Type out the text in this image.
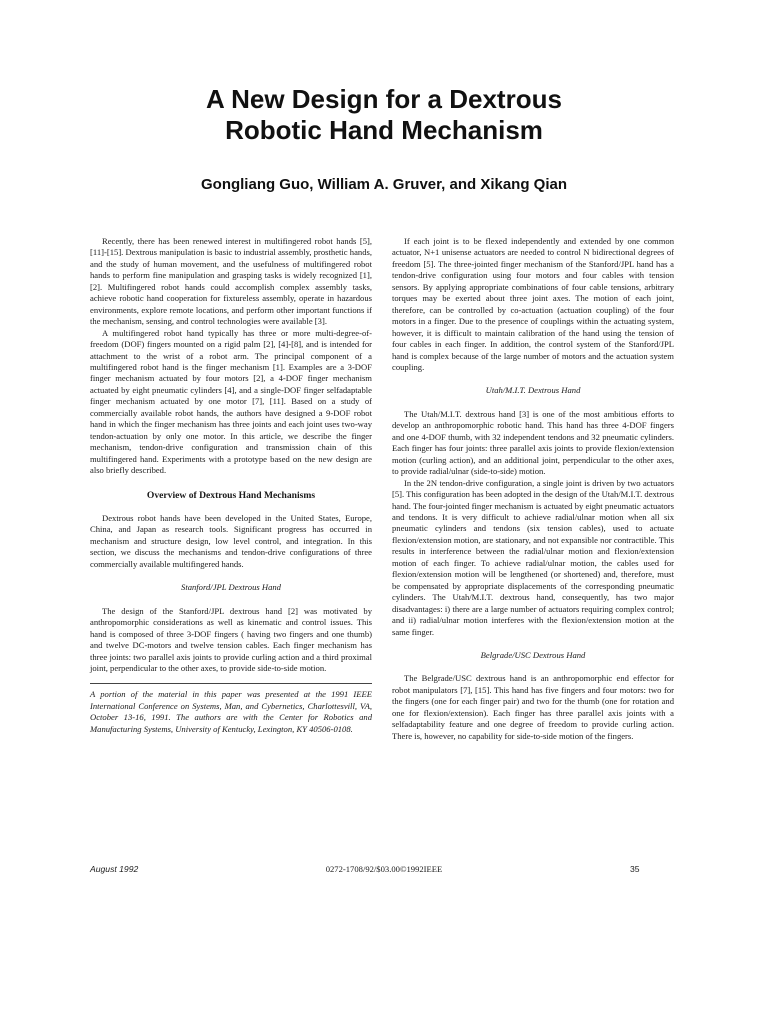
A New Design for a Dextrous
Robotic Hand Mechanism
Gongliang Guo, William A. Gruver, and Xikang Qian

Recently, there has been renewed interest in multifingered robot hands [5], [11]-[15]. Dextrous manipulation is basic to industrial assembly, prosthetic hands, and the study of human movement, and the usefulness of multifingered robot hands to perform fine manipulation and grasping tasks is widely recognized [1], [2]. Multifingered robot hands could accomplish complex assembly tasks, achieve robotic hand cooperation for fixtureless assembly, operate in hazardous environments, explore remote locations, and perform other important functions if the mechanism, sensing, and control technologies were available [3].

A multifingered robot hand typically has three or more multi-degree-of-freedom (DOF) fingers mounted on a rigid palm [2], [4]-[8], and is intended for attachment to the wrist of a robot arm. The principal component of a multifingered robot hand is the finger mechanism [1]. Examples are a 3-DOF finger mechanism actuated by four motors [2], a 4-DOF finger mechanism actuated by eight pneumatic cylinders [4], and a single-DOF finger selfadaptable finger mechanism actuated by one motor [7], [11]. Based on a study of commercially available robot hands, the authors have designed a 9-DOF robot hand in which the finger mechanism has three joints and each joint uses two-way tendon-actuation by only one motor. In this article, we describe the finger mechanism, tendon-drive configuration and transmission chain of this multifingered hand. Experiments with a prototype based on the new design are also briefly described.

Overview of Dextrous Hand Mechanisms

Dextrous robot hands have been developed in the United States, Europe, China, and Japan as research tools. Significant progress has occurred in mechanism and structure design, low level control, and integration. In this section, we discuss the mechanisms and tendon-drive configurations of three commercially available multifingered hands.

Stanford/JPL Dextrous Hand

The design of the Stanford/JPL dextrous hand [2] was motivated by anthropomorphic considerations as well as kinematic and control issues. This hand is composed of three 3-DOF fingers ( having two fingers and one thumb) and twelve DC-motors and twelve tension cables. Each finger mechanism has three joints: two parallel axis joints to provide curling action and a third proximal joint, perpendicular to the other axes, to provide side-to-side motion.

A portion of the material in this paper was presented at the 1991 IEEE International Conference on Systems, Man, and Cybernetics, Charlottesvill, VA, October 13-16, 1991. The authors are with the Center for Robotics and Manufacturing Systems, University of Kentucky, Lexington, KY 40506-0108.

If each joint is to be flexed independently and extended by one common actuator, N+1 unisense actuators are needed to control N bidirectional degrees of freedom [5]. The three-jointed finger mechanism of the Stanford/JPL hand has a tendon-drive configuration using four motors and four cables with tension sensors. By applying appropriate combinations of four cable tensions, arbitrary torques may be exerted about three joint axes. The motion of each joint, therefore, can be controlled by co-actuation (actuation coupling) of the four motors in a finger. Due to the presence of couplings within the actuating system, however, it is difficult to maintain calibration of the hand using the tension of four cables in each finger. In addition, the control system of the Stanford/JPL hand is complex because of the large number of motors and the actuation system coupling.

Utah/M.I.T. Dextrous Hand

The Utah/M.I.T. dextrous hand [3] is one of the most ambitious efforts to develop an anthropomorphic robotic hand. This hand has three 4-DOF fingers and one 4-DOF thumb, with 32 independent tendons and 32 pneumatic cylinders. Each finger has four joints: three parallel axis joints to provide flexion/extension motion (curling action), and an additional joint, perpendicular to the other axes, to provide radial/ulnar (side-to-side) motion.

In the 2N tendon-drive configuration, a single joint is driven by two actuators [5]. This configuration has been adopted in the design of the Utah/M.I.T. dextrous hand. The four-jointed finger mechanism is actuated by eight pneumatic actuators and tendons. It is very difficult to achieve radial/ulnar motion when all six pneumatic cylinders and tendons (six tension cables), used to actuate flexion/extension motion, are stationary, and not expansible nor contractible. This results in interference between the radial/ulnar motion and flexion/extension motion of each finger. To achieve radial/ulnar motion, the cables used for flexion/extension motion will be lengthened (or shortened) and, therefore, must be compensated by appropriate displacements of the corresponding pneumatic cylinders. The Utah/M.I.T. dextrous hand, consequently, has two major disadvantages: i) there are a large number of actuators requiring complex control; and ii) radial/ulnar motion interferes with the flexion/extension motion at the same finger.

Belgrade/USC Dextrous Hand

The Belgrade/USC dextrous hand is an anthropomorphic end effector for robot manipulators [7], [15]. This hand has five fingers and four motors: two for the fingers (one for each finger pair) and two for the thumb (one for rotation and one for flexion/extension). Each finger has three parallel axis joints with a selfadaptability feature and one degree of freedom to provide curling action. There is, however, no capability for side-to-side motion of the fingers.

August 1992	0272-1708/92/$03.00©1992IEEE	35
